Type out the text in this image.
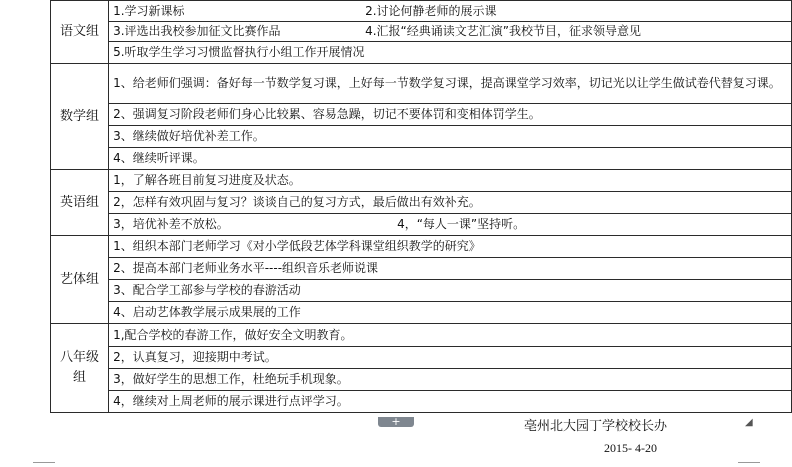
语文组	1.学习新课标 2.讨论何静老师的展示课

	3.评选出我校参加征文比赛作品 4.汇报“经典诵读文艺汇演”我校节目，征求领导意见

	5.听取学生学习习惯监督执行小组工作开展情况
数学组	1、给老师们强调：备好每一节数学复习课，上好每一节数学复习课，提高课堂学习效率，切记光以让学生做试卷代替复习课。
	2、强调复习阶段老师们身心比较累、容易急躁，切记不要体罚和变相体罚学生。
	3、继续做好培优补差工作。
	4、继续听评课。
英语组	1，了解各班目前复习进度及状态。
	2，怎样有效巩固与复习？谈谈自己的复习方式，最后做出有效补充。

	3，培优补差不放松。 4，“每人一课”坚持听。

艺体组	1、组织本部门老师学习《对小学低段艺体学科课堂组织教学的研究》
	2、提高本部门老师业务水平----组织音乐老师说课
	3、配合学工部参与学校的春游活动
	4、启动艺体教学展示成果展的工作

八年级
组	1,配合学校的春游工作，做好安全文明教育。
	2，认真复习，迎接期中考试。
	3，做好学生的思想工作，杜绝玩手机现象。
	4，继续对上周老师的展示课进行点评学习。
+	◢
亳州北大园丁学校校长办
2015- 4-20
